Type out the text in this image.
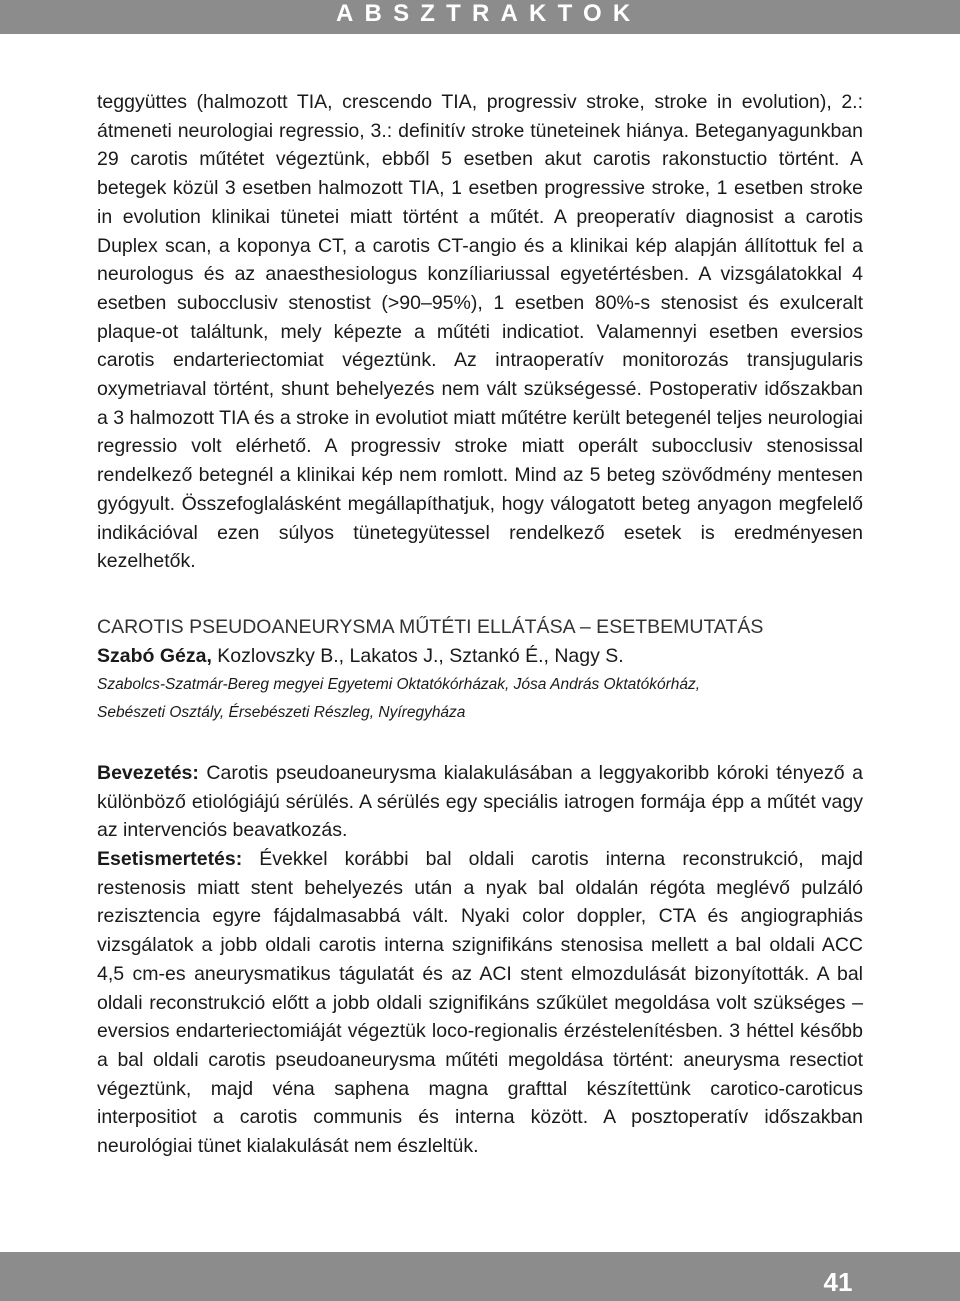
ABSZTRAKTOK

teggyüttes (halmozott TIA, crescendo TIA, progressiv stroke, stroke in evolution), 2.: átmeneti neurologiai regressio, 3.: definitív stroke tüneteinek hiánya. Beteganyagunkban 29 carotis műtétet végeztünk, ebből 5 esetben akut carotis rakonstuctio történt. A betegek közül 3 esetben halmozott TIA, 1 esetben progressive stroke, 1 esetben stroke in evolution klinikai tünetei miatt történt a műtét. A preoperatív diagnosist a carotis Duplex scan, a koponya CT, a carotis CT-angio és a klinikai kép alapján állítottuk fel a neurologus és az anaesthesiologus konzíliariussal egyetértésben. A vizsgálatokkal 4 esetben subocclusiv stenostist (>90–95%), 1 esetben 80%-s stenosist és exulceralt plaque-ot találtunk, mely képezte a műtéti indicatiot. Valamennyi esetben eversios carotis endarteriectomiat végeztünk. Az intraoperatív monitorozás transjugularis oxymetriaval történt, shunt behelyezés nem vált szükségessé. Postoperativ időszakban a 3 halmozott TIA és a stroke in evolutiot miatt műtétre került betegenél teljes neurologiai regressio volt elérhető. A progressiv stroke miatt operált subocclusiv stenosissal rendelkező betegnél a klinikai kép nem romlott. Mind az 5 beteg szövődmény mentesen gyógyult. Összefoglalásként megállapíthatjuk, hogy válogatott beteg anyagon megfelelő indikációval ezen súlyos tünetegyütessel rendelkező esetek is eredményesen kezelhetők.

CAROTIS PSEUDOANEURYSMA MŰTÉTI ELLÁTÁSA – ESETBEMUTATÁS

Szabó Géza, Kozlovszky B., Lakatos J., Sztankó É., Nagy S.

Szabolcs-Szatmár-Bereg megyei Egyetemi Oktatókórházak, Jósa András Oktatókórház,

Sebészeti Osztály, Érsebészeti Részleg, Nyíregyháza

Bevezetés: Carotis pseudoaneurysma kialakulásában a leggyakoribb kóroki tényező a különböző etiológiájú sérülés. A sérülés egy speciális iatrogen formája épp a műtét vagy az intervenciós beavatkozás.

Esetismertetés: Évekkel korábbi bal oldali carotis interna reconstrukció, majd restenosis miatt stent behelyezés után a nyak bal oldalán régóta meglévő pulzáló rezisztencia egyre fájdalmasabbá vált. Nyaki color doppler, CTA és angiographiás vizsgálatok a jobb oldali carotis interna szignifikáns stenosisa mellett a bal oldali ACC 4,5 cm-es aneurysmatikus tágulatát és az ACI stent elmozdulását bizonyították. A bal oldali reconstrukció előtt a jobb oldali szignifikáns szűkület megoldása volt szükséges – eversios endarteriectomiáját végeztük loco-regionalis érzéstelenítésben. 3 héttel később a bal oldali carotis pseudoaneurysma műtéti megoldása történt: aneurysma resectiot végeztünk, majd véna saphena magna grafttal készítettünk carotico-caroticus interpositiot a carotis communis és interna között. A posztoperatív időszakban neurológiai tünet kialakulását nem észleltük.

41
